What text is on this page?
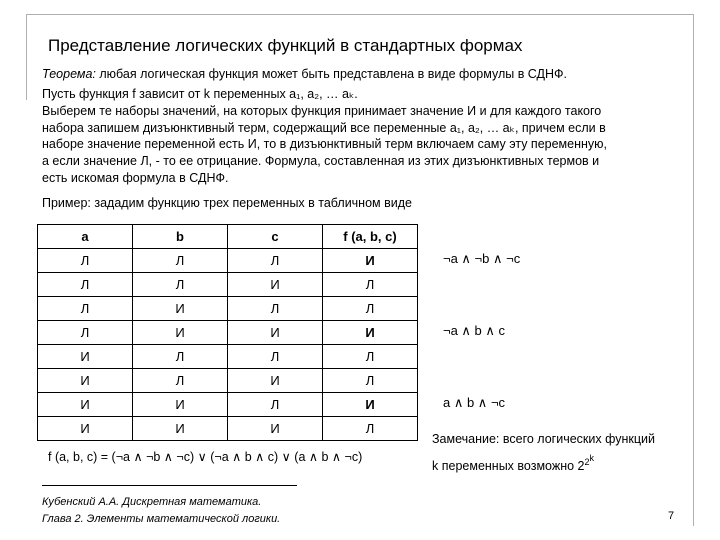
Представление логических функций в стандартных формах
Теорема: любая логическая функция может быть представлена в виде формулы в СДНФ.

Пусть функция f зависит от k переменных a₁, a₂, … aₖ.

Выберем те наборы значений, на которых функция принимает значение И и для каждого такого

набора запишем дизъюнктивный терм, содержащий все переменные a₁, a₂, … aₖ, причем если в

наборе значение переменной есть И, то в дизъюнктивный терм включаем саму эту переменную,

а если значение Л, - то ее отрицание. Формула, составленная из этих дизъюнктивных термов и

есть искомая формула в СДНФ.

Пример: зададим функцию трех переменных в табличном виде
a	b	c	f (a, b, c)
Л	Л	Л	И
Л	Л	И	Л
Л	И	Л	Л
Л	И	И	И
И	Л	Л	Л
И	Л	И	Л
И	И	Л	И
И	И	И	Л
¬a ∧ ¬b ∧ ¬c
¬a ∧ b ∧ c
a ∧ b ∧ ¬c
f (a, b, c) = (¬a ∧ ¬b ∧ ¬c) ∨ (¬a ∧ b ∧ c) ∨ (a ∧ b ∧ ¬c)
Замечание: всего логических функций
k переменных возможно $2^{2^k}$
Кубенский А.А. Дискретная математика.
Глава 2. Элементы математической логики.	7
